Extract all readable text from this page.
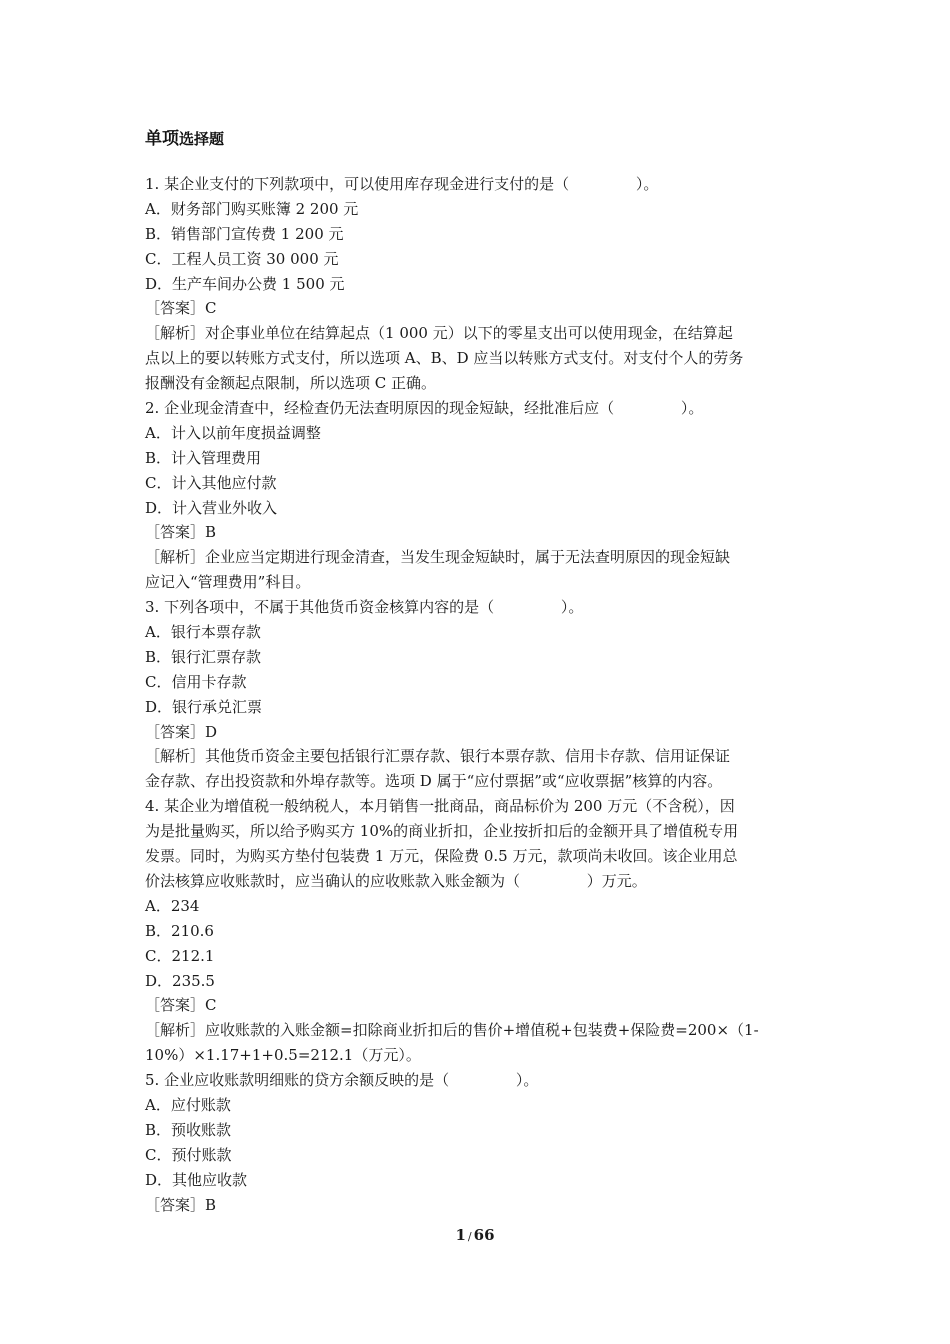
单项选择题
1. 某企业支付的下列款项中，可以使用库存现金进行支付的是（              ）。
A．财务部门购买账簿 2 200 元
B．销售部门宣传费 1 200 元
C．工程人员工资 30 000 元
D．生产车间办公费 1 500 元
［答案］C
［解析］对企事业单位在结算起点（1 000 元）以下的零星支出可以使用现金，在结算起
点以上的要以转账方式支付，所以选项 A、B、D 应当以转账方式支付。对支付个人的劳务
报酬没有金额起点限制，所以选项 C 正确。
2. 企业现金清查中，经检查仍无法查明原因的现金短缺，经批准后应（              ）。
A．计入以前年度损益调整
B．计入管理费用
C．计入其他应付款
D．计入营业外收入
［答案］B
［解析］企业应当定期进行现金清查，当发生现金短缺时，属于无法查明原因的现金短缺
应记入“管理费用”科目。
3. 下列各项中，不属于其他货币资金核算内容的是（              ）。
A．银行本票存款
B．银行汇票存款
C．信用卡存款
D．银行承兑汇票
［答案］D
［解析］其他货币资金主要包括银行汇票存款、银行本票存款、信用卡存款、信用证保证
金存款、存出投资款和外埠存款等。选项 D 属于“应付票据”或“应收票据”核算的内容。
4. 某企业为增值税一般纳税人，本月销售一批商品，商品标价为 200 万元（不含税），因
为是批量购买，所以给予购买方 10%的商业折扣，企业按折扣后的金额开具了增值税专用
发票。同时，为购买方垫付包装费 1 万元，保险费 0.5 万元，款项尚未收回。该企业用总
价法核算应收账款时，应当确认的应收账款入账金额为（              ）万元。
A．234
B．210.6
C．212.1
D．235.5
［答案］C
［解析］应收账款的入账金额=扣除商业折扣后的售价+增值税+包装费+保险费=200×（1-
10%）×1.17+1+0.5=212.1（万元）。
5. 企业应收账款明细账的贷方余额反映的是（              ）。
A．应付账款
B．预收账款
C．预付账款
D．其他应收款
［答案］B
1 / 66
